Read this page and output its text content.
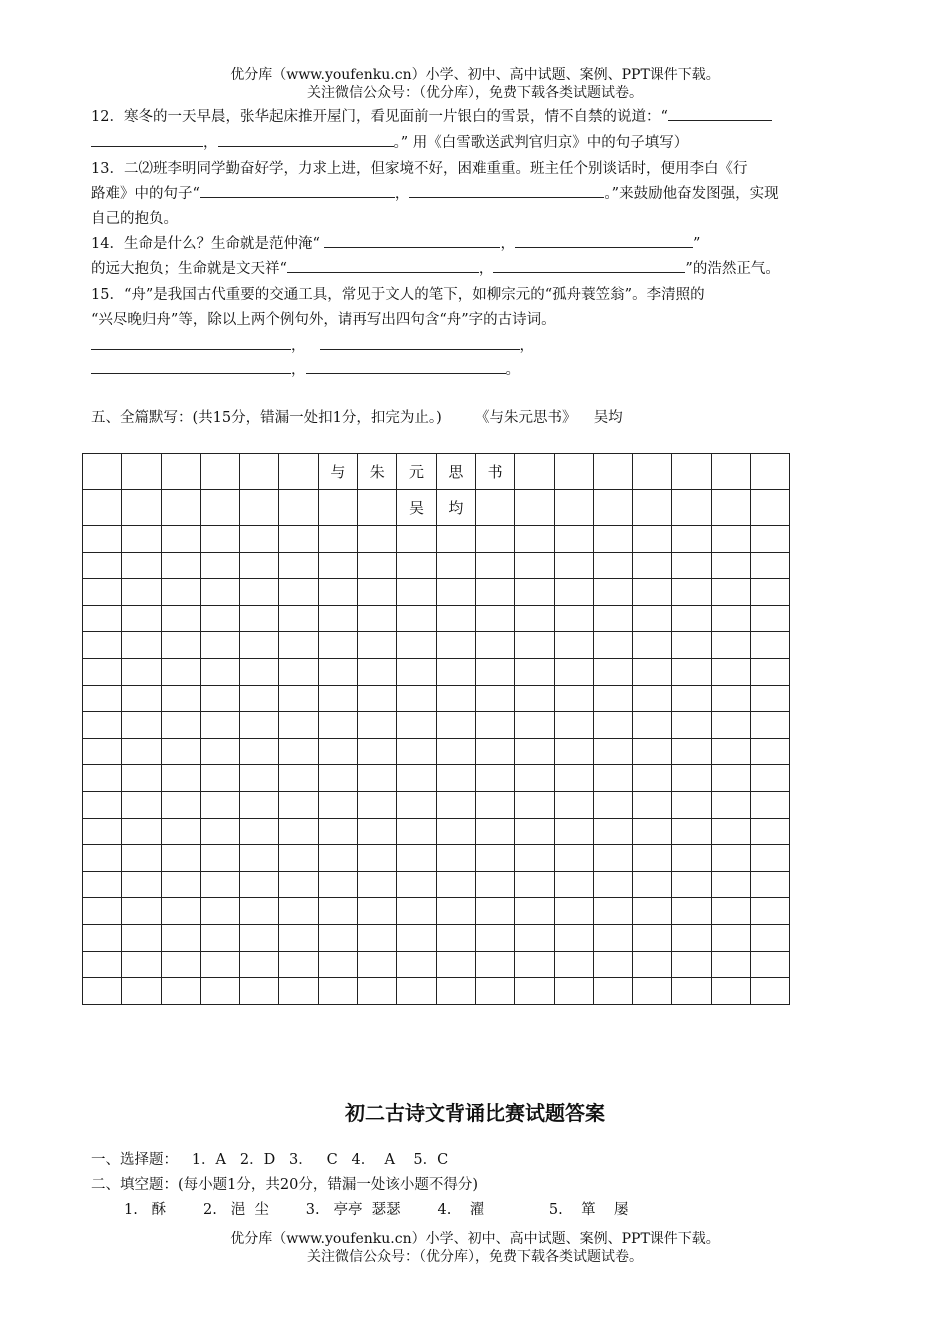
优分库（www.youfenku.cn）小学、初中、高中试题、案例、PPT课件下载。
关注微信公众号：（优分库），免费下载各类试题试卷。
12．寒冬的一天早晨，张华起床推开屋门，看见面前一片银白的雪景，情不自禁的说道：“
，	。” 用《白雪歌送武判官归京》中的句子填写）
13．二⑵班李明同学勤奋好学，力求上进，但家境不好，困难重重。班主任个别谈话时，便用李白《行
路难》中的句子“	，	。”来鼓励他奋发图强，实现
自己的抱负。
14．生命是什么？生命就是范仲淹“	，	”
的远大抱负；生命就是文天祥“	，	”的浩然正气。
15．“舟”是我国古代重要的交通工具，常见于文人的笔下，如柳宗元的“孤舟蓑笠翁”。李清照的
“兴尽晚归舟”等，除以上两个例句外，请再写出四句含“舟”字的古诗词。
，	，
，	。
五、全篇默写：(共15分，错漏一处扣1分，扣完为止。) 《与朱元思书》 吴均
						与	朱	元	思	书							
								吴	均								

初二古诗文背诵比赛试题答案
一、选择题：   1．A   2．D   3．   C   4．  A    5．C
二、填空题：(每小题1分，共20分，错漏一处该小题不得分)
1.   酥        2.   浥  尘        3.   亭亭  瑟瑟        4.    濯              5.    箪    屡
优分库（www.youfenku.cn）小学、初中、高中试题、案例、PPT课件下载。
关注微信公众号：（优分库），免费下载各类试题试卷。
